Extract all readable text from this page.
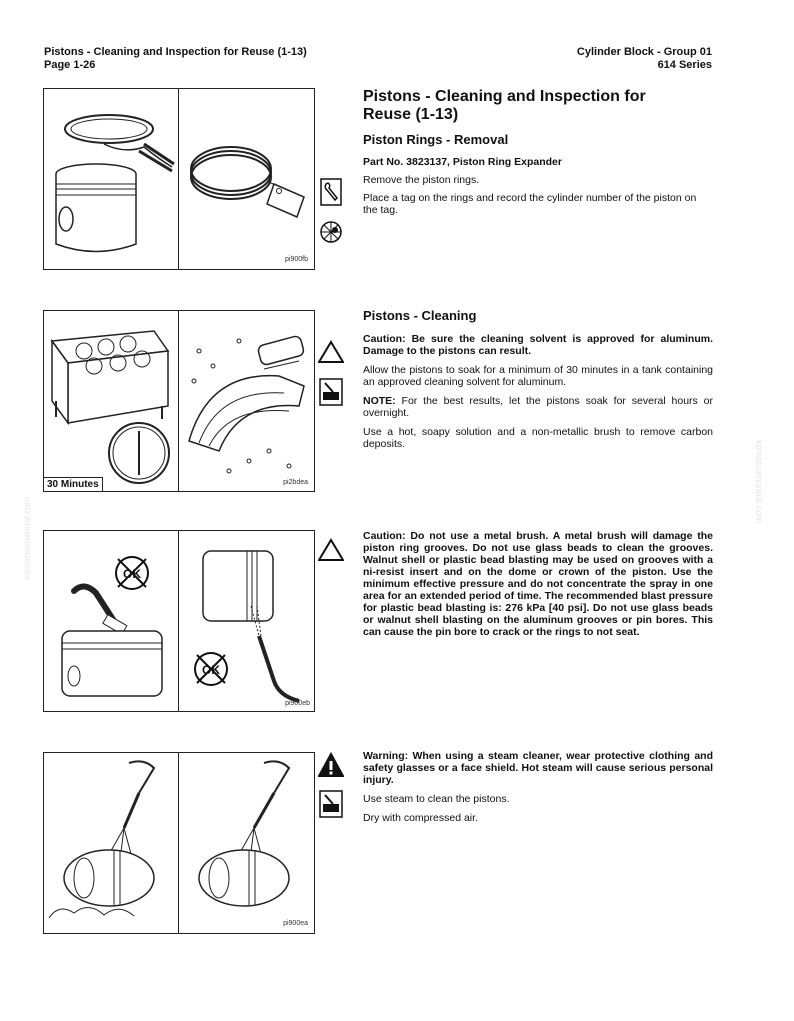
komatsumanual.com
komatsumanual.com
Pistons - Cleaning and Inspection for Reuse (1-13)
Page 1-26
Cylinder Block - Group 01
614 Series
pi900fb
Pistons - Cleaning and Inspection for Reuse (1-13)
Piston Rings - Removal
Part No. 3823137, Piston Ring Expander
Remove the piston rings.
Place a tag on the rings and record the cylinder number of the piston on the tag.
30 Minutes	pi2bdea
Pistons - Cleaning
Caution: Be sure the cleaning solvent is approved for aluminum. Damage to the pistons can result.
Allow the pistons to soak for a minimum of 30 minutes in a tank containing an approved cleaning solvent for aluminum.
NOTE: For the best results, let the pistons soak for several hours or overnight.
Use a hot, soapy solution and a non-metallic brush to remove carbon deposits.
OK
OK
pi900eb
Caution: Do not use a metal brush. A metal brush will damage the piston ring grooves. Do not use glass beads to clean the grooves. Walnut shell or plastic bead blasting may be used on grooves with a ni-resist insert and on the dome or crown of the piston. Use the minimum effective pressure and do not concentrate the spray in one area for an extended period of time. The recommended blast pressure for plastic bead blasting is: 276 kPa [40 psi]. Do not use glass beads or walnut shell blasting on the aluminum grooves or pin bores. This can cause the pin bore to crack or the rings to not seat.
pi900ea
Warning: When using a steam cleaner, wear protective clothing and safety glasses or a face shield. Hot steam will cause serious personal injury.
Use steam to clean the pistons.
Dry with compressed air.
